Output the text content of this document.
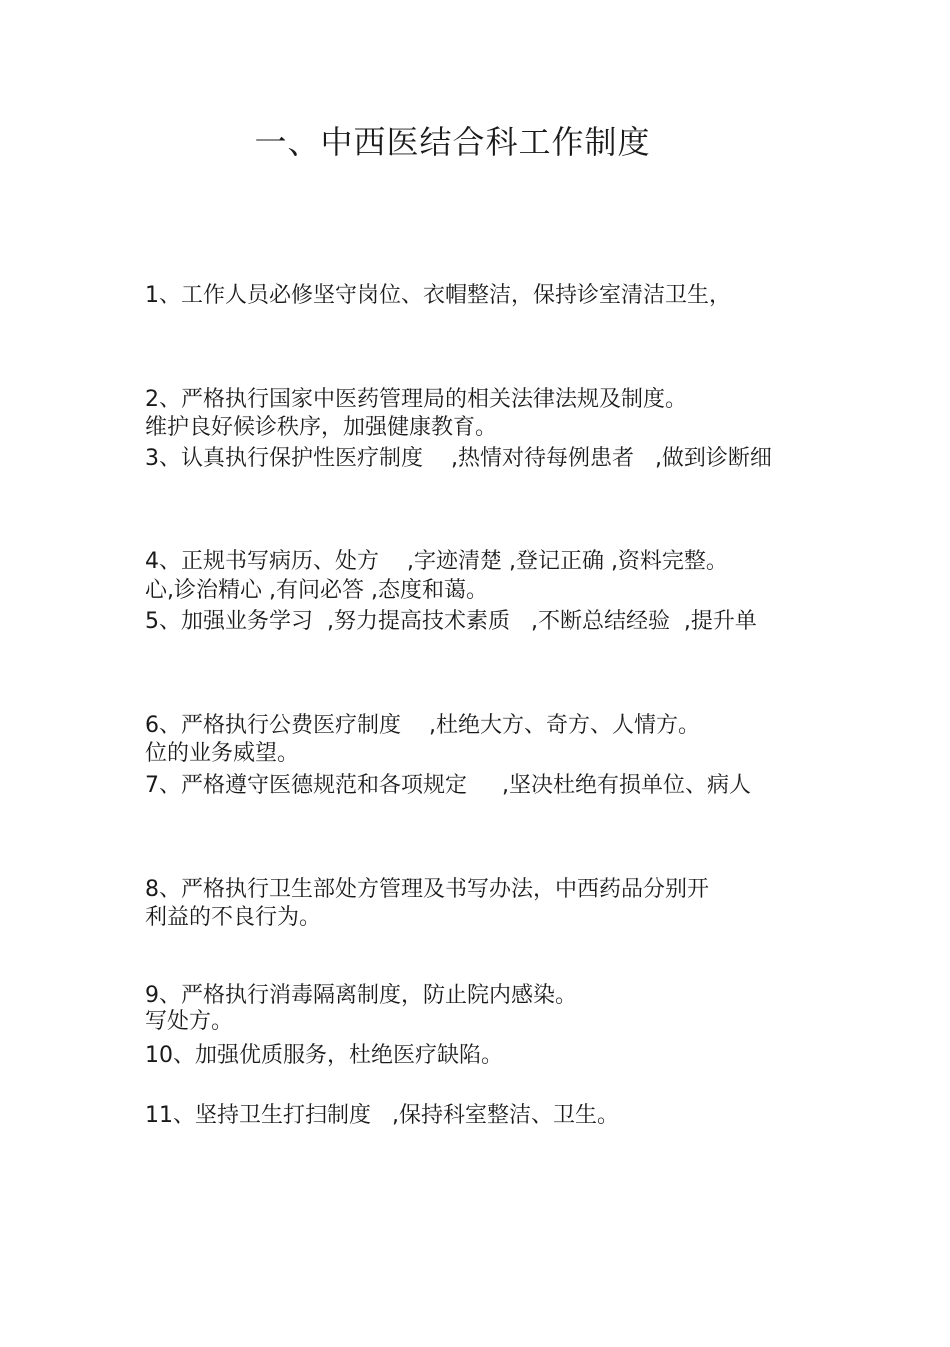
一、中西医结合科工作制度

1、工作人员必修坚守岗位、衣帽整洁，保持诊室清洁卫生，

维护良好候诊秩序，加强健康教育。

2、严格执行国家中医药管理局的相关法律法规及制度。

3、认真执行保护性医疗制度    ,热情对待每例患者   ,做到诊断细

心,诊治精心 ,有问必答 ,态度和蔼。

4、正规书写病历、处方    ,字迹清楚 ,登记正确 ,资料完整。

5、加强业务学习  ,努力提高技术素质   ,不断总结经验  ,提升单

位的业务威望。

6、严格执行公费医疗制度    ,杜绝大方、奇方、人情方。

7、严格遵守医德规范和各项规定     ,坚决杜绝有损单位、病人

利益的不良行为。

8、严格执行卫生部处方管理及书写办法，中西药品分别开

写处方。

9、严格执行消毒隔离制度，防止院内感染。

10、加强优质服务，杜绝医疗缺陷。

11、坚持卫生打扫制度   ,保持科室整洁、卫生。
